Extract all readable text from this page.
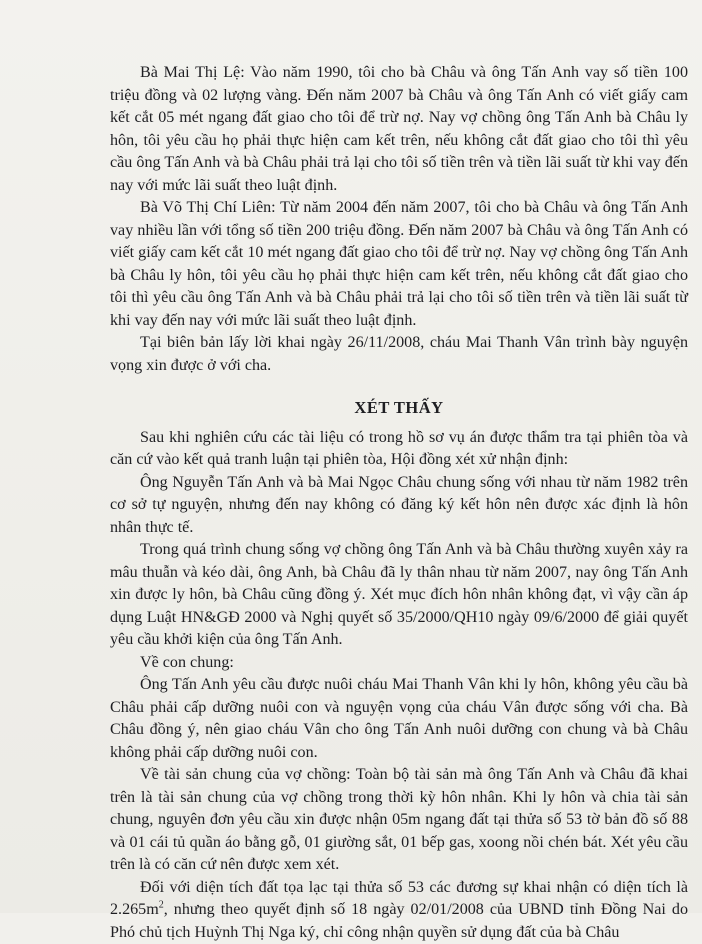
Bà Mai Thị Lệ: Vào năm 1990, tôi cho bà Châu và ông Tấn Anh vay số tiền 100 triệu đồng và 02 lượng vàng. Đến năm 2007 bà Châu và ông Tấn Anh có viết giấy cam kết cắt 05 mét ngang đất giao cho tôi để trừ nợ. Nay vợ chồng ông Tấn Anh bà Châu ly hôn, tôi yêu cầu họ phải thực hiện cam kết trên, nếu không cắt đất giao cho tôi thì yêu cầu ông Tấn Anh và bà Châu phải trả lại cho tôi số tiền trên và tiền lãi suất từ khi vay đến nay với mức lãi suất theo luật định.

Bà Võ Thị Chí Liên: Từ năm 2004 đến năm 2007, tôi cho bà Châu và ông Tấn Anh vay nhiều lần với tổng số tiền 200 triệu đồng. Đến năm 2007 bà Châu và ông Tấn Anh có viết giấy cam kết cắt 10 mét ngang đất giao cho tôi để trừ nợ. Nay vợ chồng ông Tấn Anh bà Châu ly hôn, tôi yêu cầu họ phải thực hiện cam kết trên, nếu không cắt đất giao cho tôi thì yêu cầu ông Tấn Anh và bà Châu phải trả lại cho tôi số tiền trên và tiền lãi suất từ khi vay đến nay với mức lãi suất theo luật định.

Tại biên bản lấy lời khai ngày 26/11/2008, cháu Mai Thanh Vân trình bày nguyện vọng xin được ở với cha.

XÉT THẤY

Sau khi nghiên cứu các tài liệu có trong hồ sơ vụ án được thẩm tra tại phiên tòa và căn cứ vào kết quả tranh luận tại phiên tòa, Hội đồng xét xử nhận định:

Ông Nguyễn Tấn Anh và bà Mai Ngọc Châu chung sống với nhau từ năm 1982 trên cơ sở tự nguyện, nhưng đến nay không có đăng ký kết hôn nên được xác định là hôn nhân thực tế.

Trong quá trình chung sống vợ chồng ông Tấn Anh và bà Châu thường xuyên xảy ra mâu thuẫn và kéo dài, ông Anh, bà Châu đã ly thân nhau từ năm 2007, nay ông Tấn Anh xin được ly hôn, bà Châu cũng đồng ý. Xét mục đích hôn nhân không đạt, vì vậy cần áp dụng Luật HN&GĐ 2000 và Nghị quyết số 35/2000/QH10 ngày 09/6/2000 để giải quyết yêu cầu khởi kiện của ông Tấn Anh.

Về con chung:

Ông Tấn Anh yêu cầu được nuôi cháu Mai Thanh Vân khi ly hôn, không yêu cầu bà Châu phải cấp dưỡng nuôi con và nguyện vọng của cháu Vân được sống với cha. Bà Châu đồng ý, nên giao cháu Vân cho ông Tấn Anh nuôi dưỡng con chung và bà Châu không phải cấp dưỡng nuôi con.

Về tài sản chung của vợ chồng: Toàn bộ tài sản mà ông Tấn Anh và Châu đã khai trên là tài sản chung của vợ chồng trong thời kỳ hôn nhân. Khi ly hôn và chia tài sản chung, nguyên đơn yêu cầu xin được nhận 05m ngang đất tại thửa số 53 tờ bản đồ số 88 và 01 cái tủ quần áo bằng gỗ, 01 giường sắt, 01 bếp gas, xoong nồi chén bát. Xét yêu cầu trên là có căn cứ nên được xem xét.

Đối với diện tích đất tọa lạc tại thửa số 53 các đương sự khai nhận có diện tích là $2.265m^2$, nhưng theo quyết định số 18 ngày 02/01/2008 của UBND tỉnh Đồng Nai do Phó chủ tịch Huỳnh Thị Nga ký, chỉ công nhận quyền sử dụng đất của bà Châu
